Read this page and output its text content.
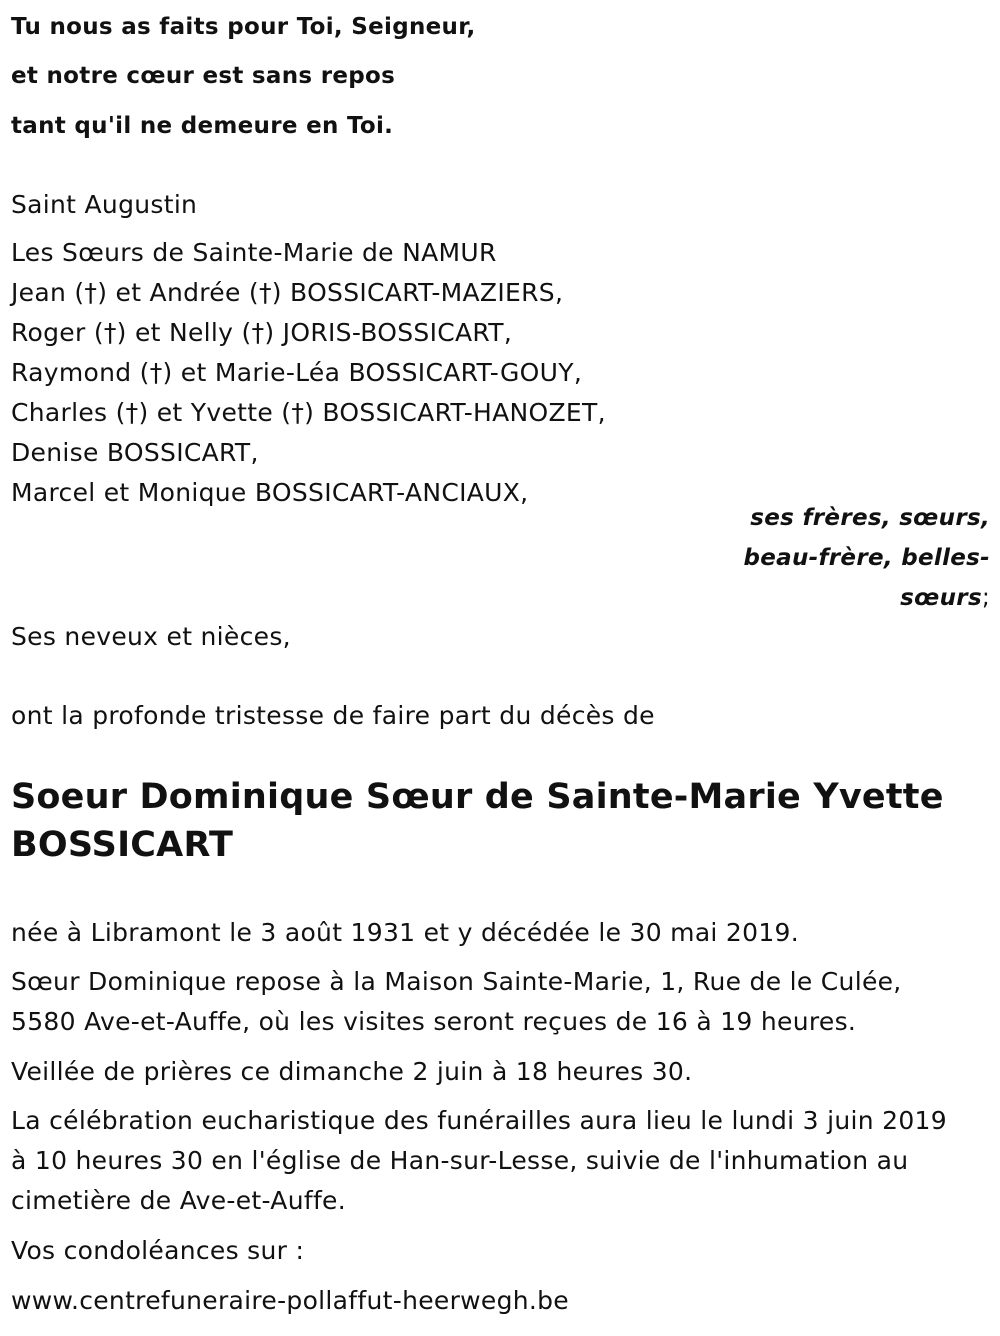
Tu nous as faits pour Toi, Seigneur,
et notre cœur est sans repos
tant qu'il ne demeure en Toi.
Saint Augustin
Les Sœurs de Sainte-Marie de NAMUR
Jean (†) et Andrée (†) BOSSICART-MAZIERS,
Roger (†) et Nelly (†) JORIS-BOSSICART,
Raymond (†) et Marie-Léa BOSSICART-GOUY,
Charles (†) et Yvette (†) BOSSICART-HANOZET,
Denise BOSSICART,
Marcel et Monique BOSSICART-ANCIAUX,
ses frères, sœurs,
beau-frère, belles-
sœurs;
Ses neveux et nièces,
ont la profonde tristesse de faire part du décès de
Soeur Dominique Sœur de Sainte-Marie Yvette
BOSSICART
née à Libramont le 3 août 1931 et y décédée le 30 mai 2019.
Sœur Dominique repose à la Maison Sainte-Marie, 1, Rue de le Culée,
5580 Ave-et-Auffe, où les visites seront reçues de 16 à 19 heures.
Veillée de prières ce dimanche 2 juin à 18 heures 30.
La célébration eucharistique des funérailles aura lieu le lundi 3 juin 2019
à 10 heures 30 en l'église de Han-sur-Lesse, suivie de l'inhumation au
cimetière de Ave-et-Auffe.
Vos condoléances sur :
www.centrefuneraire-pollaffut-heerwegh.be
